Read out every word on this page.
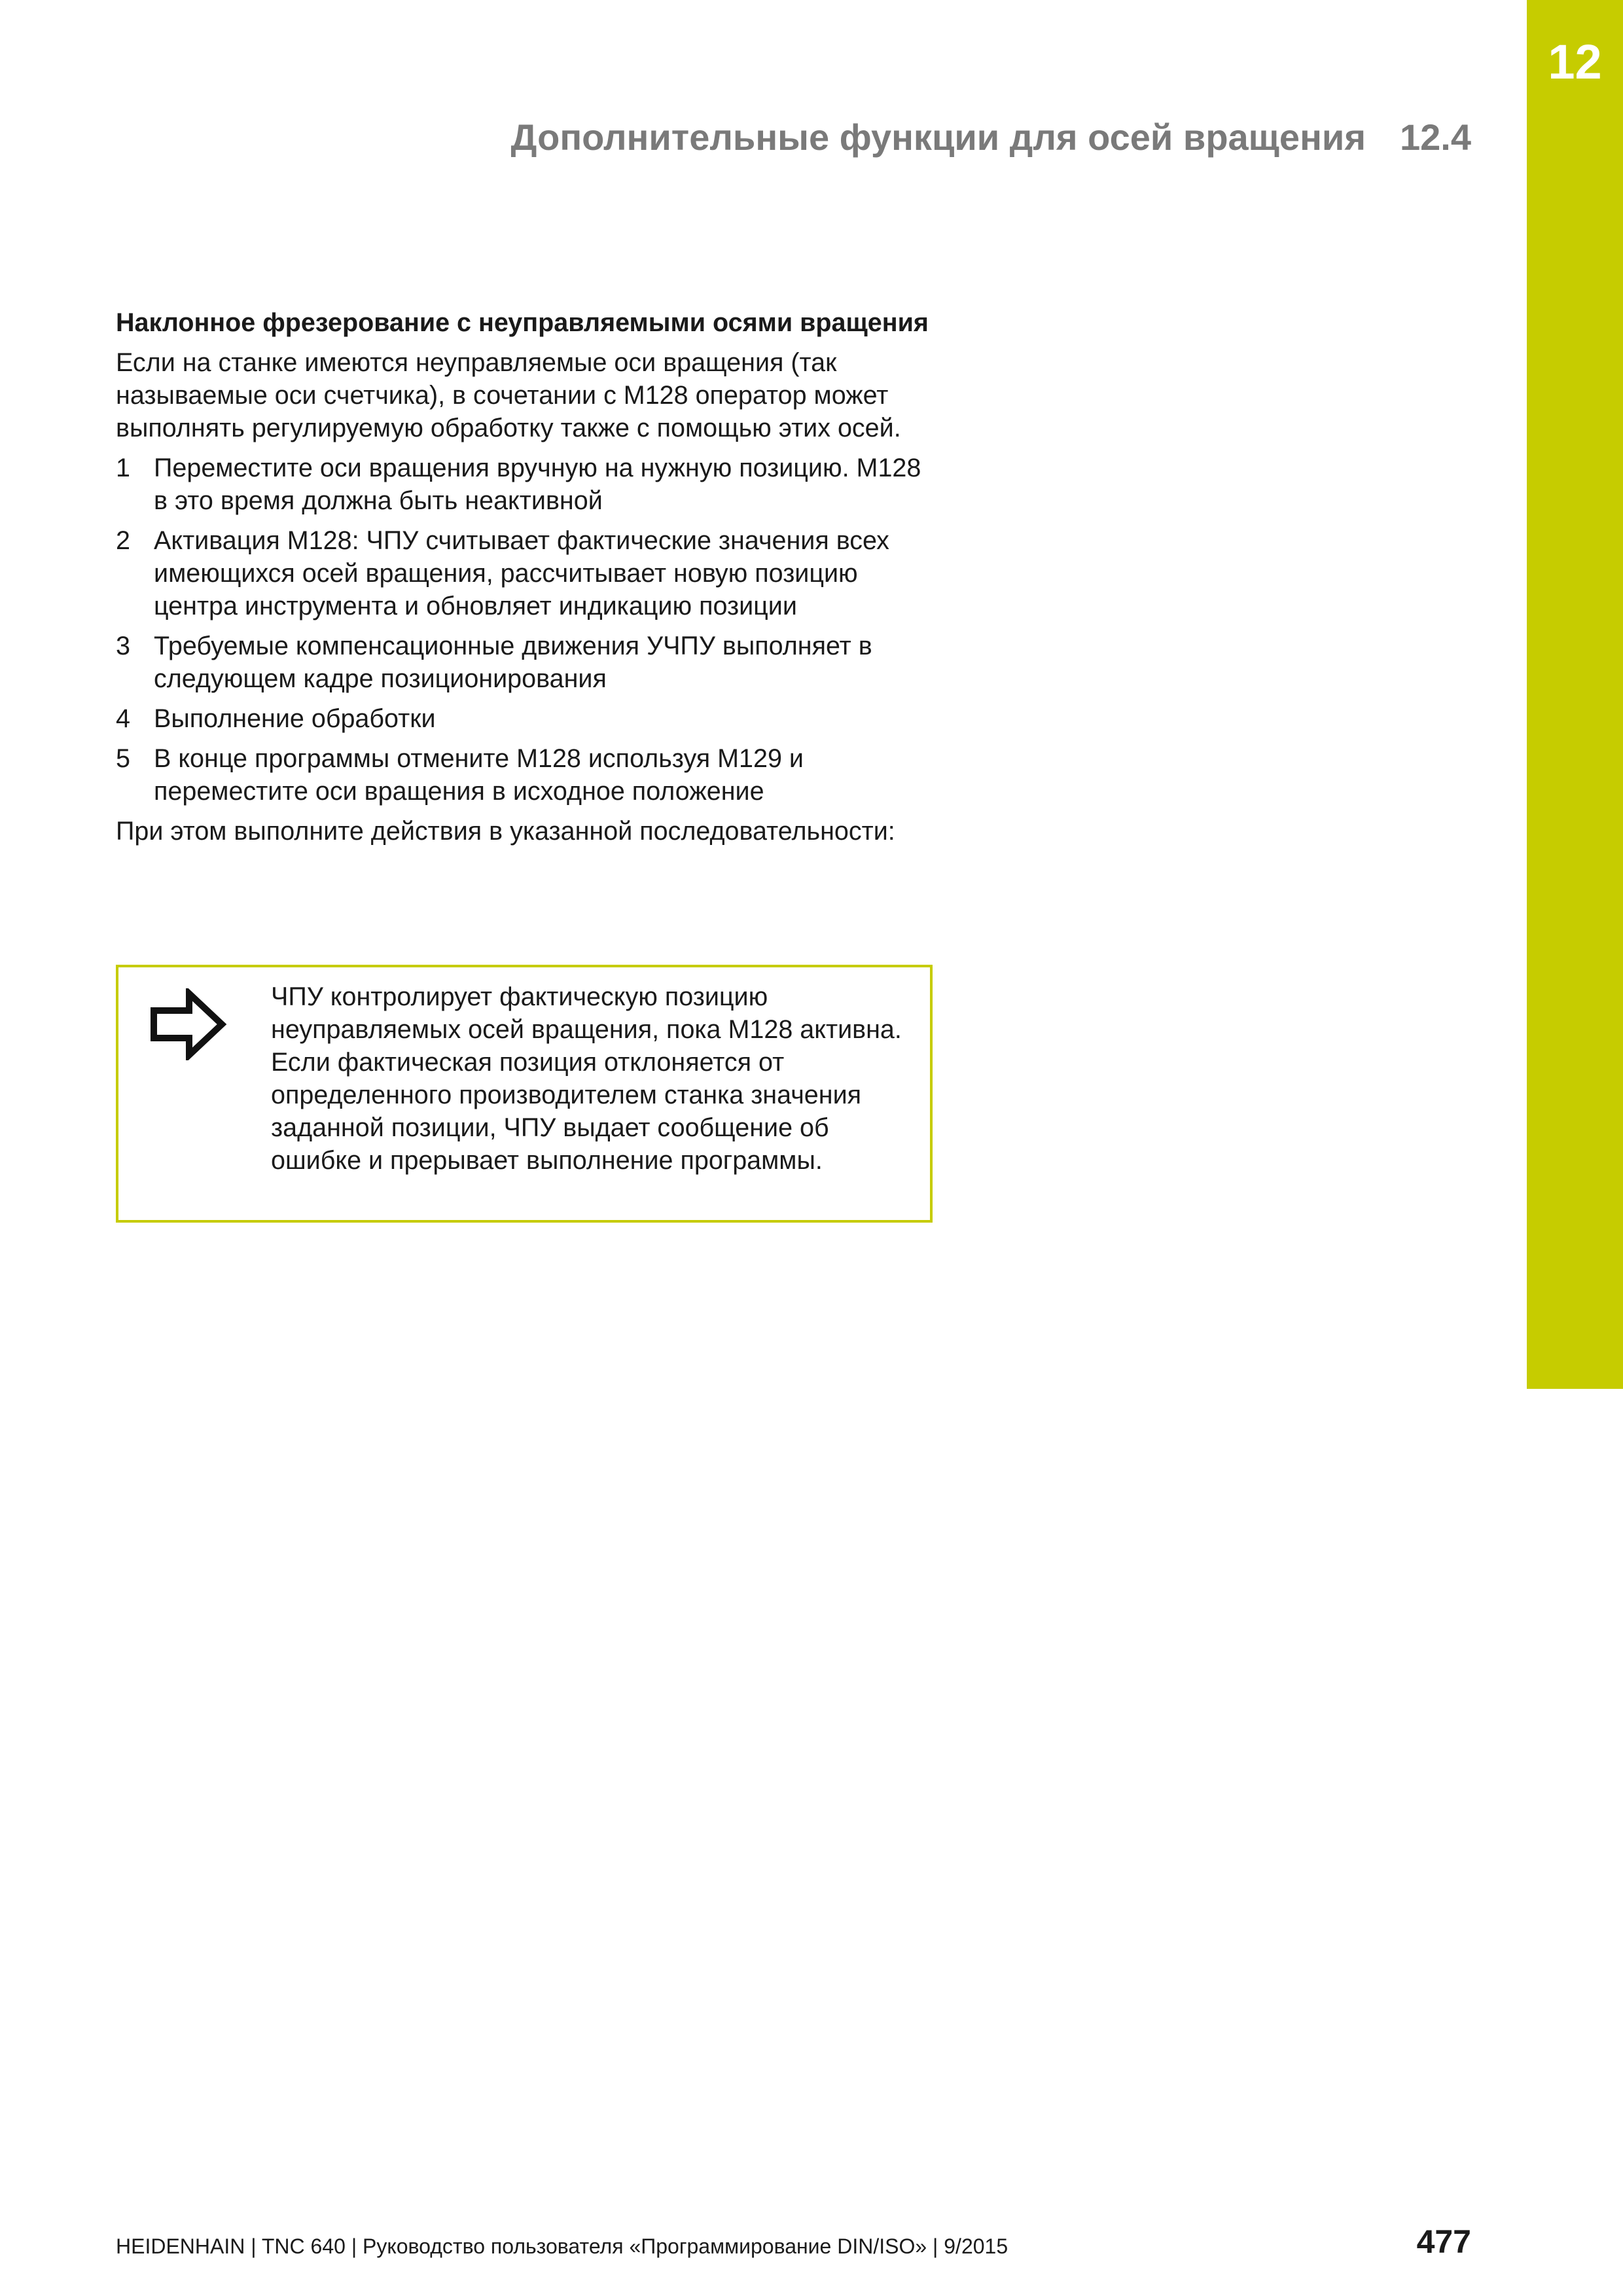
12
Дополнительные функции для осей вращения 12.4
Наклонное фрезерование с неуправляемыми осями вращения
Если на станке имеются неуправляемые оси вращения (так называемые оси счетчика), в сочетании с M128 оператор может выполнять регулируемую обработку также с помощью этих осей.
1 Переместите оси вращения вручную на нужную позицию. M128 в это время должна быть неактивной
2 Активация M128: ЧПУ считывает фактические значения всех имеющихся осей вращения, рассчитывает новую позицию центра инструмента и обновляет индикацию позиции
3 Требуемые компенсационные движения УЧПУ выполняет в следующем кадре позиционирования
4 Выполнение обработки
5 В конце программы отмените M128 используя M129 и переместите оси вращения в исходное положение
При этом выполните действия в указанной последовательности:
ЧПУ контролирует фактическую позицию неуправляемых осей вращения, пока M128 активна. Если фактическая позиция отклоняется от определенного производителем станка значения заданной позиции, ЧПУ выдает сообщение об ошибке и прерывает выполнение программы.
HEIDENHAIN | TNC 640 | Руководство пользователя «Программирование DIN/ISO» | 9/2015	477
